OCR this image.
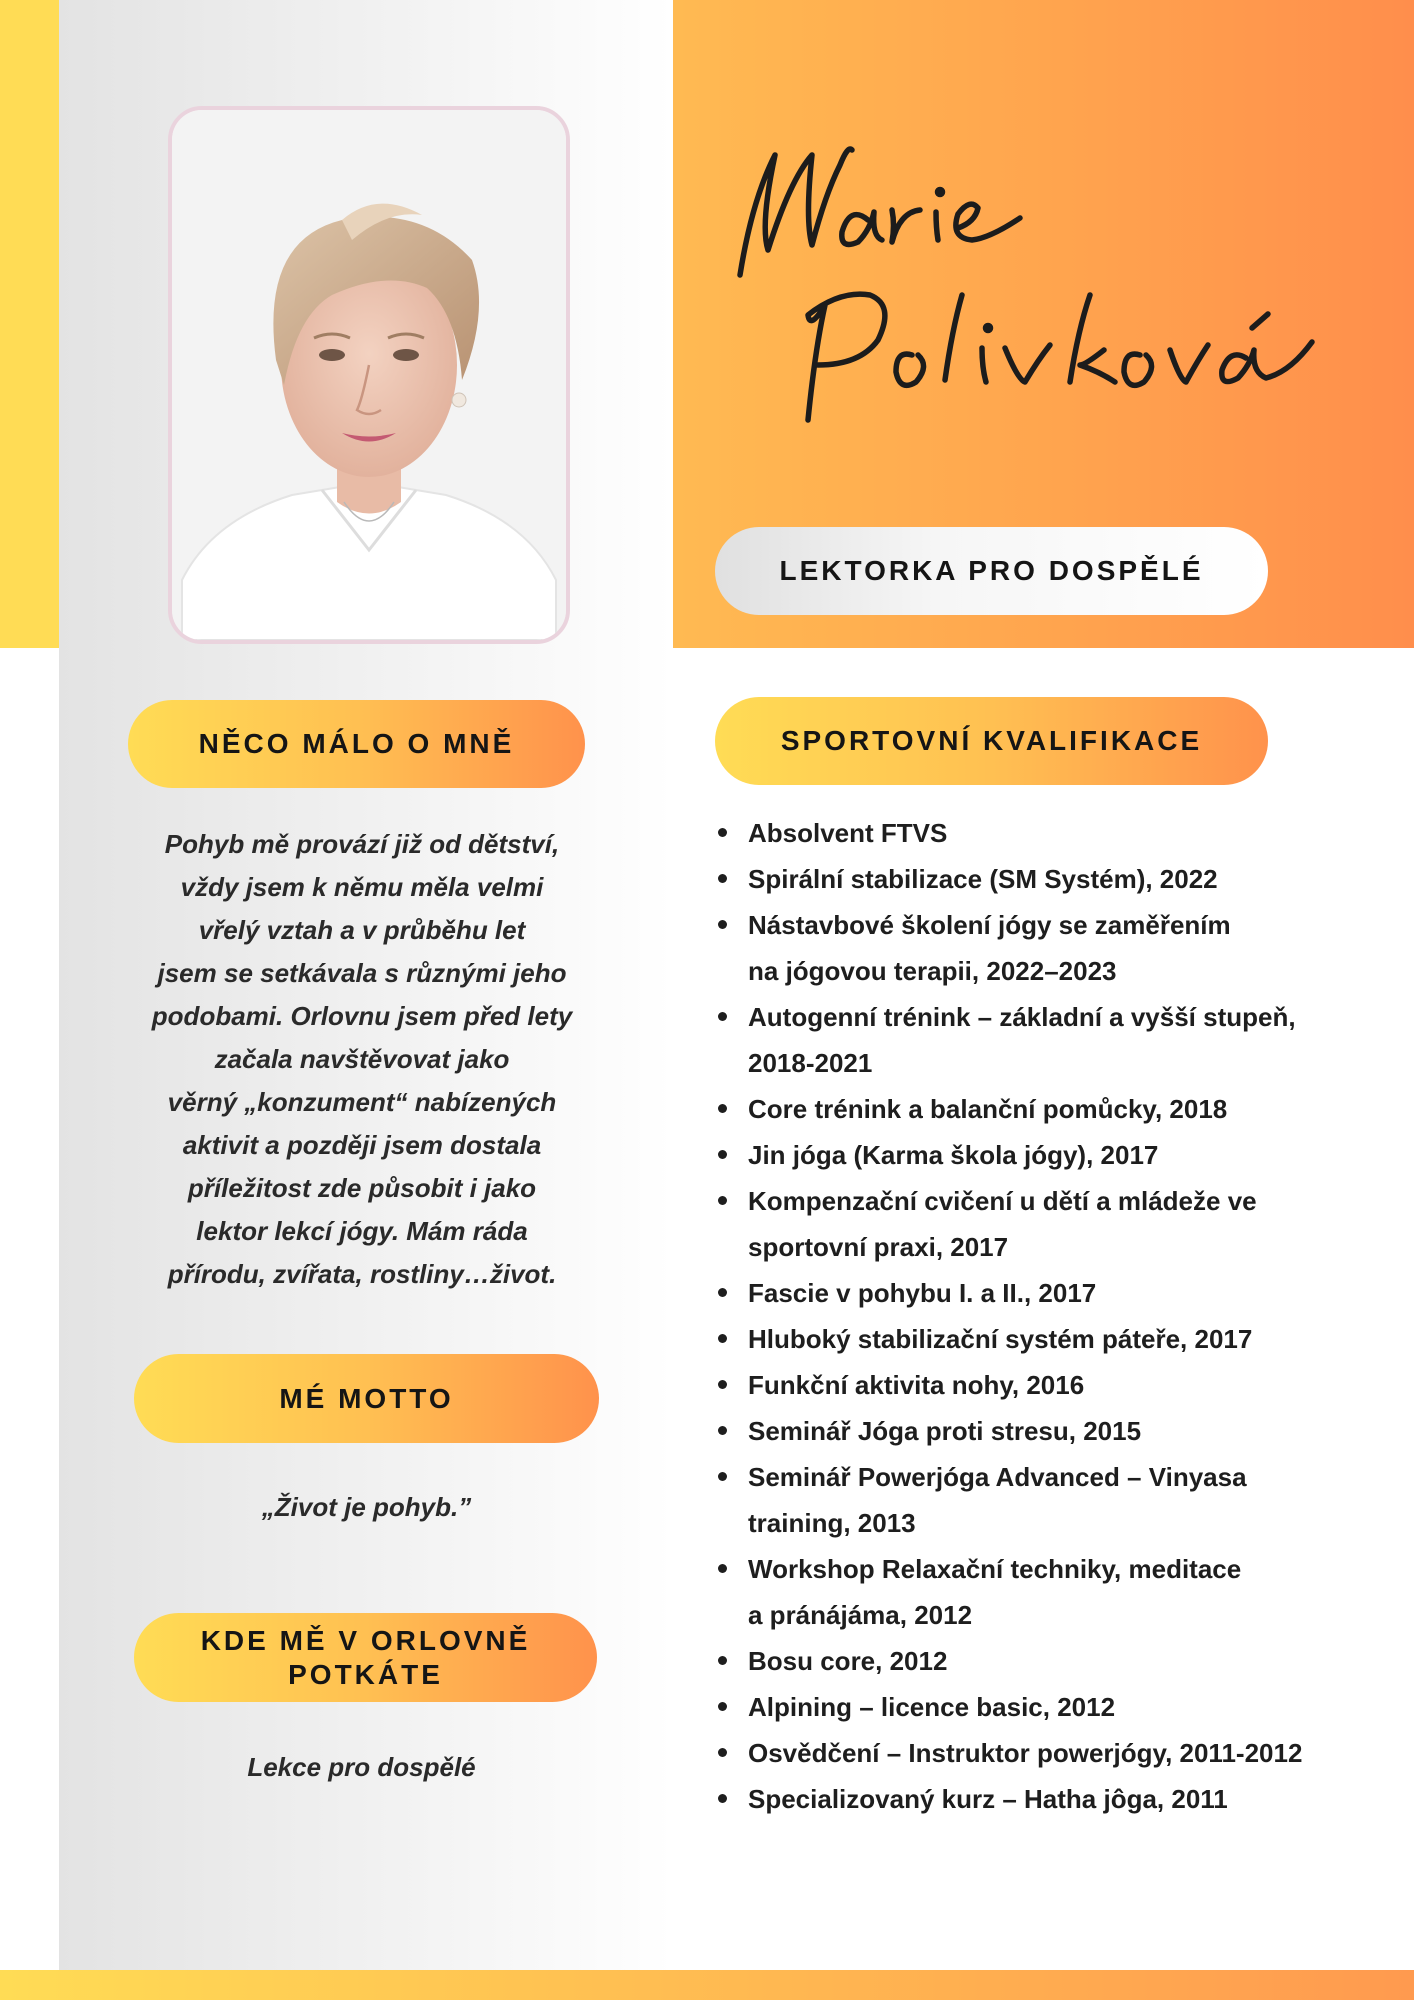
LEKTORKA PRO DOSPĚLÉ
NĚCO MÁLO O MNĚ
Pohyb mě provází již od dětství,
vždy jsem k němu měla velmi
vřelý vztah a v průběhu let
jsem se setkávala s různými jeho
podobami. Orlovnu jsem před lety
začala navštěvovat jako
věrný „konzument“ nabízených
aktivit a později jsem dostala
příležitost zde působit i jako
lektor lekcí jógy. Mám ráda
přírodu, zvířata, rostliny…život.
MÉ MOTTO
„Život je pohyb.”
KDE MĚ V ORLOVNĚ POTKÁTE
Lekce pro dospělé
SPORTOVNÍ KVALIFIKACE
Absolvent FTVS
Spirální stabilizace (SM Systém), 2022
Nástavbové školení jógy se zaměřením
na jógovou terapii, 2022–2023
Autogenní trénink – základní a vyšší stupeň,
2018-2021
Core trénink a balanční pomůcky, 2018
Jin jóga (Karma škola jógy), 2017
Kompenzační cvičení u dětí a mládeže ve
sportovní praxi, 2017
Fascie v pohybu I. a II., 2017
Hluboký stabilizační systém páteře, 2017
Funkční aktivita nohy, 2016
Seminář Jóga proti stresu, 2015
Seminář Powerjóga Advanced – Vinyasa
training, 2013
Workshop Relaxační techniky, meditace
a pránájáma, 2012
Bosu core, 2012
Alpining – licence basic, 2012
Osvědčení – Instruktor powerjógy, 2011-2012
Specializovaný kurz – Hatha jôga, 2011
